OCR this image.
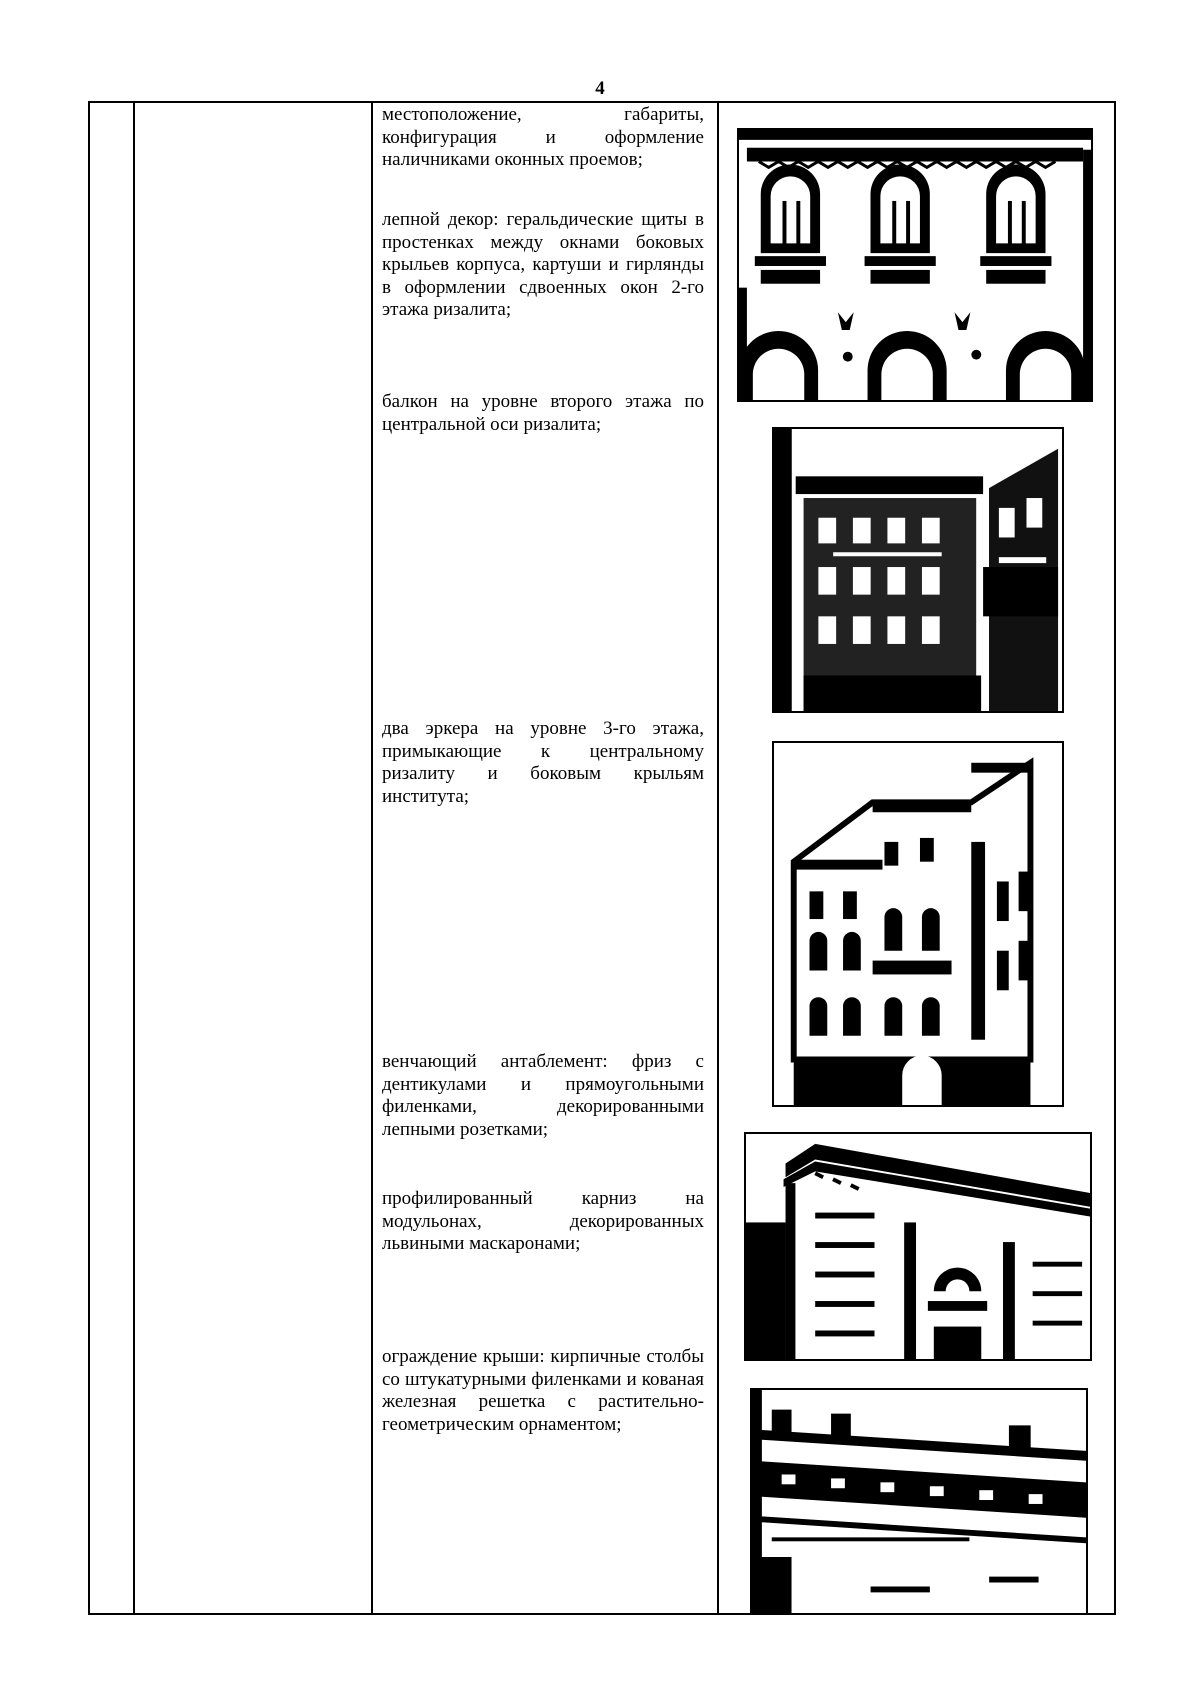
4

местоположение, габариты, конфигурация и оформление наличниками оконных проемов;

лепной декор: геральдические щиты в простенках между окнами боковых крыльев корпуса, картуши и гирлянды в оформлении сдвоенных окон 2-го этажа ризалита;

балкон на уровне второго этажа по центральной оси ризалита;

два эркера на уровне 3-го этажа, примыкающие к центральному ризалиту и боковым крыльям института;

венчающий антаблемент: фриз с дентикулами и прямоугольными филенками, декорированными лепными розетками;

профилированный карниз на модульонах, декорированных львиными маскаронами;

ограждение крыши: кирпичные столбы со штукатурными филенками и кованая железная решетка с растительно-геометрическим орнаментом;
